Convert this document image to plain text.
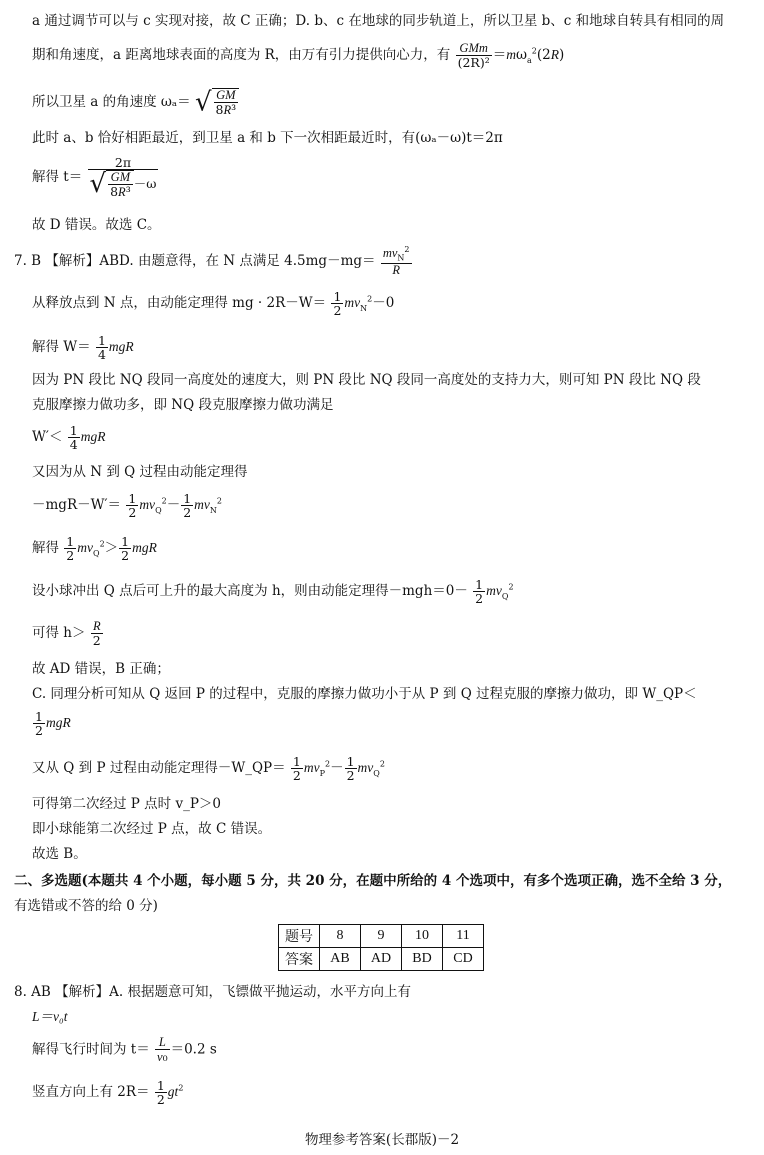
a 通过调节可以与 c 实现对接，故 C 正确；D. b、c 在地球的同步轨道上，所以卫星 b、c 和地球自转具有相同的周
期和角速度，a 距离地球表面的高度为 R，由万有引力提供向心力，有 $\frac{\text{GMm}}{\text{(2R)²}} =m\omega_a^2(2R)$
所以卫星 a 的角速度 ωₐ＝ √ $\frac{GM}{\text{8R³}}$
此时 a、b 恰好相距最近，到卫星 a 和 b 下一次相距最近时，有(ωₐ－ω)t＝2π
解得 $t= \frac{2\pi}{√ \frac{GM}{\text{8R³}} -\omega}$
故 D 错误。故选 C。
7. B 【解析】ABD. 由题意得，在 N 点满足 $4.5mg-mg= \frac{mv_N^2}{R}$
从释放点到 N 点，由动能定理得 mg · $2R-W= \frac{1}{2} mv_N^2-0$
解得 $W= \frac{1}{4}$ mgR
因为 PN 段比 NQ 段同一高度处的速度大，则 PN 段比 NQ 段同一高度处的支持力大，则可知 PN 段比 NQ 段
克服摩擦力做功多，即 NQ 段克服摩擦力做功满足
$W'< \frac{1}{4}$ mgR
又因为从 N 到 Q 过程由动能定理得
$-mgR-W'= \frac{1}{2} mv_Q^2- \frac{1}{2} mv_N^2$
解得 $\frac{1}{2} mv_Q^2> \frac{1}{2}$ mgR
设小球冲出 Q 点后可上升的最大高度为 h，则由动能定理得$-mgh=0- \frac{1}{2} mv_Q^2$
可得 $h> \frac{R}{2}$
故 AD 错误，B 正确；
C. 同理分析可知从 Q 返回 P 的过程中，克服的摩擦力做功小于从 P 到 Q 过程克服的摩擦力做功，即 W_QP＜
$\frac{1}{2}$ mgR
又从 Q 到 P 过程由动能定理得－W_QP＝ $\frac{1}{2} mv_P^2- \frac{1}{2} mv_Q^2$
可得第二次经过 P 点时 v_P＞0
即小球能第二次经过 P 点，故 C 错误。
故选 B。
二、多选题(本题共 4 个小题，每小题 5 分，共 20 分，在题中所给的 4 个选项中，有多个选项正确，选不全给 3 分，
有选错或不答的给 0 分)
题号	8	9	10	11
答案	AB	AD	BD	CD
8. AB 【解析】A. 根据题意可知，飞镖做平抛运动，水平方向上有
L＝v₀t
解得飞行时间为 $t= \frac{L}{\text{v₀}} =0.2$ s
竖直方向上有 $2R= \frac{1}{2} gt^2$
物理参考答案(长郡版)－2
